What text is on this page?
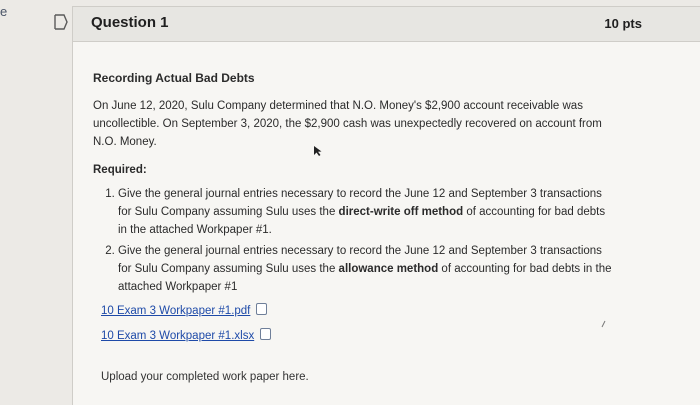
e
Question 1	10 pts

Recording Actual Bad Debts

On June 12, 2020, Sulu Company determined that N.O. Money's $2,900 account receivable was uncollectible. On September 3, 2020, the $2,900 cash was unexpectedly recovered on account from N.O. Money.

Required:

1. Give the general journal entries necessary to record the June 12 and September 3 transactions for Sulu Company assuming Sulu uses the direct-write off method of accounting for bad debts in the attached Workpaper #1.
2. Give the general journal entries necessary to record the June 12 and September 3 transactions for Sulu Company assuming Sulu uses the allowance method of accounting for bad debts in the attached Workpaper #1
10 Exam 3 Workpaper #1.pdf
10 Exam 3 Workpaper #1.xlsx
Upload your completed work paper here.
